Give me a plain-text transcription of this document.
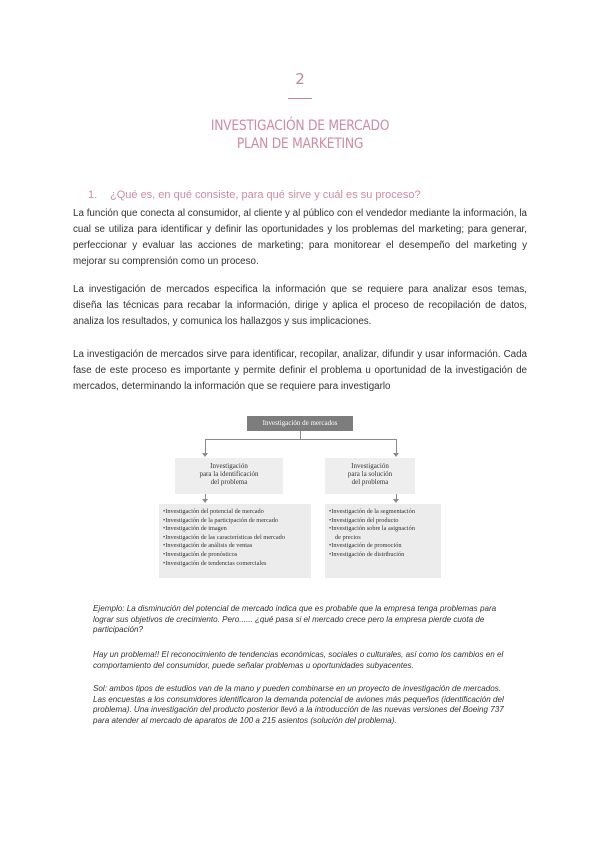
2
INVESTIGACIÓN DE MERCADO
PLAN DE MARKETING
1. ¿Qué es, en qué consiste, para qué sirve y cuál es su proceso?
La función que conecta al consumidor, al cliente y al público con el vendedor mediante la información, la cual se utiliza para identificar y definir las oportunidades y los problemas del marketing; para generar, perfeccionar y evaluar las acciones de marketing; para monitorear el desempeño del marketing y mejorar su comprensión como un proceso.
La investigación de mercados especifica la información que se requiere para analizar esos temas, diseña las técnicas para recabar la información, dirige y aplica el proceso de recopilación de datos, analiza los resultados, y comunica los hallazgos y sus implicaciones.
La investigación de mercados sirve para identificar, recopilar, analizar, difundir y usar información. Cada fase de este proceso es importante y permite definir el problema u oportunidad de la investigación de mercados, determinando la información que se requiere para investigarlo
Investigación de mercados
Investigación
para la identificación
del problema
Investigación
para la solución
del problema
• Investigación del potencial de mercado
• Investigación de la participación de mercado
• Investigación de imagen
• Investigación de las características del mercado
• Investigación de análisis de ventas
• Investigación de pronósticos
• Investigación de tendencias comerciales
• Investigación de la segmentación
• Investigación del producto
• Investigación sobre la asignación
de precios
• Investigación de promoción
• Investigación de distribución
Ejemplo: La disminución del potencial de mercado indica que es probable que la empresa tenga problemas para lograr sus objetivos de crecimiento. Pero...... ¿qué pasa si el mercado crece pero la empresa pierde cuota de participación?
Hay un problema!! El reconocimiento de tendencias económicas, sociales o culturales, así como los cambios en el comportamiento del consumidor, puede señalar problemas u oportunidades subyacentes.
Sol: ambos tipos de estudios van de la mano y pueden combinarse en un proyecto de investigación de mercados. Las encuestas a los consumidores identificaron la demanda potencial de aviones más pequeños (identificación del problema). Una investigación del producto posterior llevó a la introducción de las nuevas versiones del Boeing 737 para atender al mercado de aparatos de 100 a 215 asientos (solución del problema).
